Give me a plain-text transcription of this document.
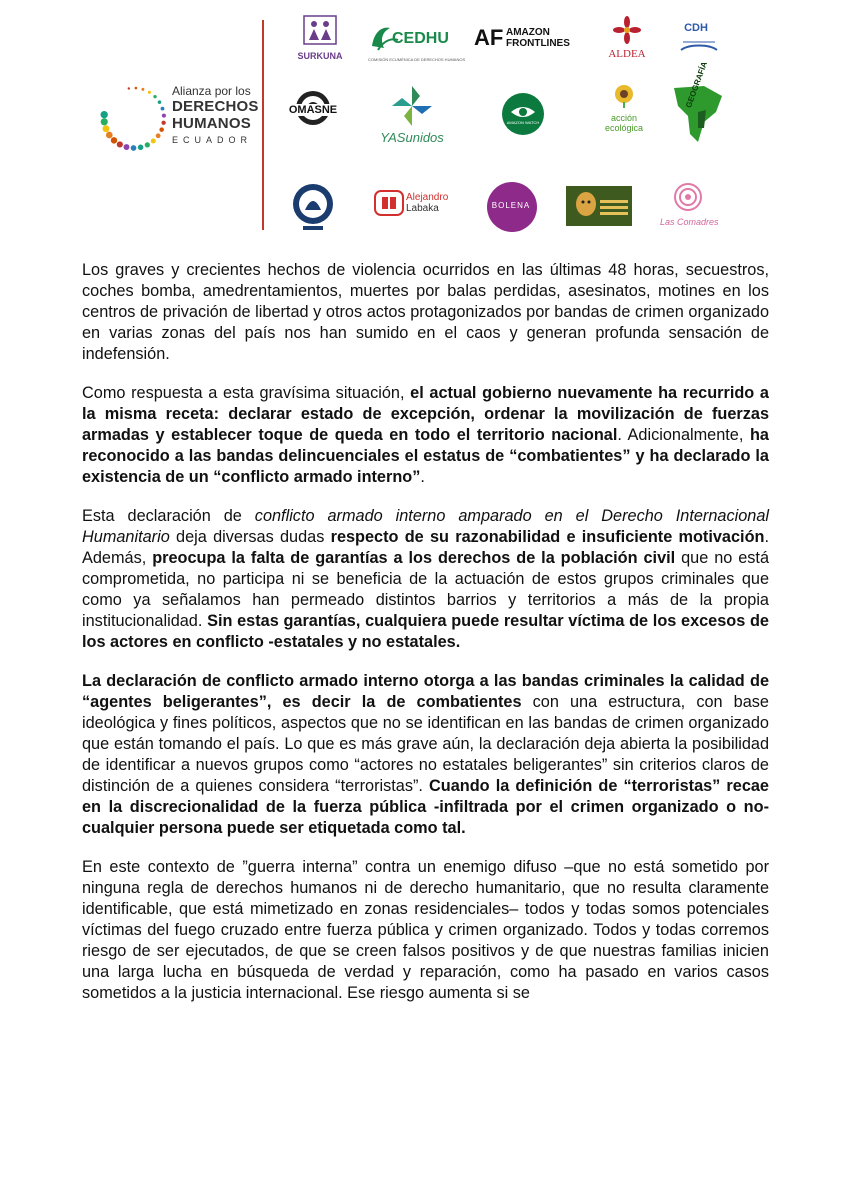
Alianza por los
DERECHOS
HUMANOS
ECUADOR
SURKUNA
CEDHU
COMISIÓN ECUMÉNICA DE DERECHOS HUMANOS
AF AMAZON FRONTLINES
ALDEA
CDH
OMASNE
YASunidos
AMAZON WATCH	acción
ecológica
GEOGRAFÍA
Alejandro
Labaka	BOLENA
Las Comadres

Los graves y crecientes hechos de violencia ocurridos en las últimas 48 horas, secuestros, coches bomba, amedrentamientos, muertes por balas perdidas, asesinatos, motines en los centros de privación de libertad y otros actos protagonizados por bandas de crimen organizado en varias zonas del país nos han sumido en el caos y generan profunda sensación de indefensión.

Como respuesta a esta gravísima situación, el actual gobierno nuevamente ha recurrido a la misma receta: declarar estado de excepción, ordenar la movilización de fuerzas armadas y establecer toque de queda en todo el territorio nacional. Adicionalmente, ha reconocido a las bandas delincuenciales el estatus de “combatientes” y ha declarado la existencia de un “conflicto armado interno”.

Esta declaración de conflicto armado interno amparado en el Derecho Internacional Humanitario deja diversas dudas respecto de su razonabilidad e insuficiente motivación. Además, preocupa la falta de garantías a los derechos de la población civil que no está comprometida, no participa ni se beneficia de la actuación de estos grupos criminales que como ya señalamos han permeado distintos barrios y territorios a más de la propia institucionalidad. Sin estas garantías, cualquiera puede resultar víctima de los excesos de los actores en conflicto -estatales y no estatales.

La declaración de conflicto armado interno otorga a las bandas criminales la calidad de “agentes beligerantes”, es decir la de combatientes con una estructura, con base ideológica y fines políticos, aspectos que no se identifican en las bandas de crimen organizado que están tomando el país. Lo que es más grave aún, la declaración deja abierta la posibilidad de identificar a nuevos grupos como “actores no estatales beligerantes” sin criterios claros de distinción de a quienes considera “terroristas”. Cuando la definición de “terroristas” recae en la discrecionalidad de la fuerza pública -infiltrada por el crimen organizado o no- cualquier persona puede ser etiquetada como tal.

En este contexto de ”guerra interna” contra un enemigo difuso –que no está sometido por ninguna regla de derechos humanos ni de derecho humanitario, que no resulta claramente identificable, que está mimetizado en zonas residenciales– todos y todas somos potenciales víctimas del fuego cruzado entre fuerza pública y crimen organizado. Todos y todas corremos riesgo de ser ejecutados, de que se creen falsos positivos y de que nuestras familias inicien una larga lucha en búsqueda de verdad y reparación, como ha pasado en varios casos sometidos a la justicia internacional. Ese riesgo aumenta si se
